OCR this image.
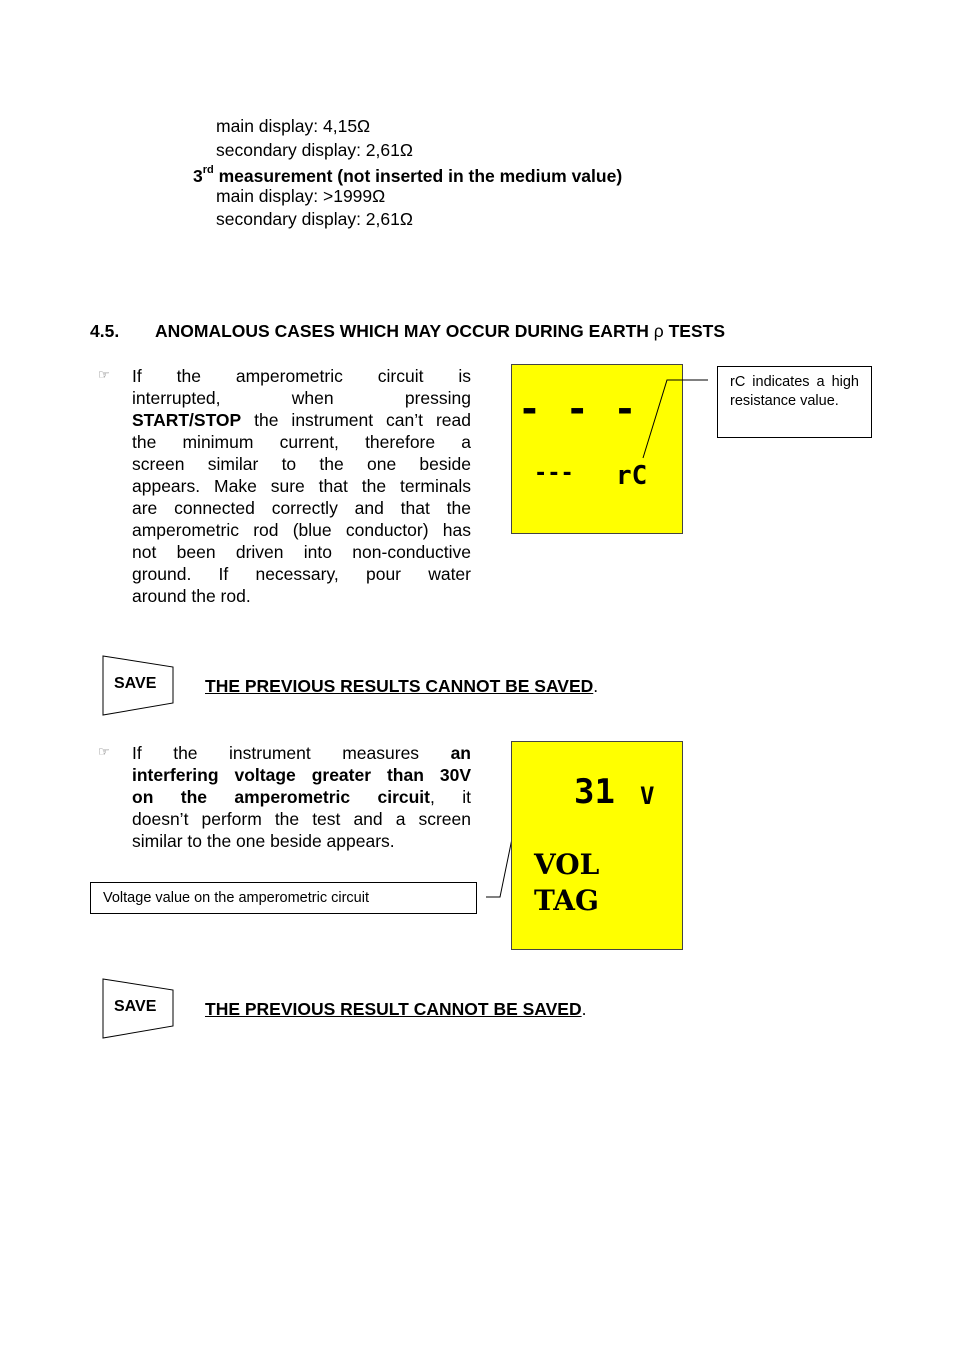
main display: 4,15Ω
secondary display: 2,61Ω
3rd measurement (not inserted in the medium value)
main display: >1999Ω
secondary display: 2,61Ω
4.5. ANOMALOUS CASES WHICH MAY OCCUR DURING EARTH ρ TESTS
☞ If the amperometric circuit is
interrupted, when pressing
START/STOP the instrument can’t read
the minimum current, therefore a
screen similar to the one beside
appears. Make sure that the terminals
are connected correctly and that the
amperometric rod (blue conductor) has
not been driven into non-conductive
ground. If necessary, pour water
around the rod.
- - -
--- rC
rC indicates a high resistance value.
SAVE	THE PREVIOUS RESULTS CANNOT BE SAVED.
☞ If the instrument measures an
interfering voltage greater than 30V
on the amperometric circuit, it
doesn’t perform the test and a screen
similar to the one beside appears.
31 V
VOL
TAG
Voltage value on the amperometric circuit
SAVE	THE PREVIOUS RESULT CANNOT BE SAVED.
